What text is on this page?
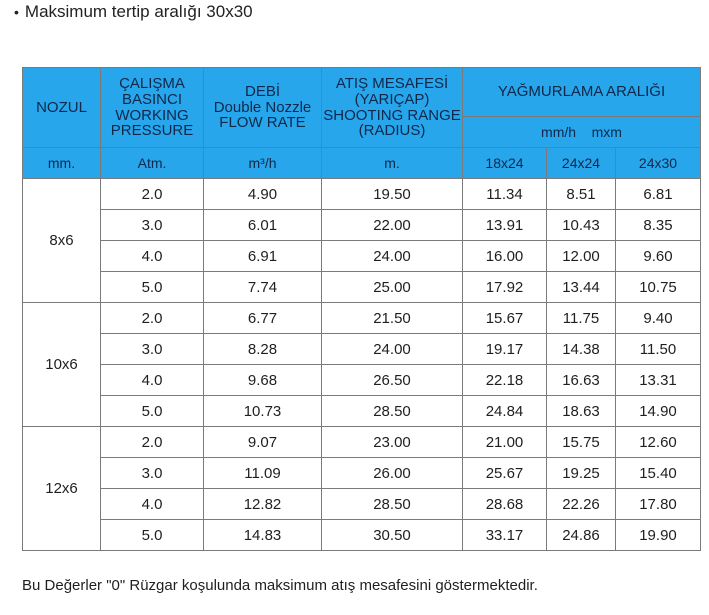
• Maksimum tertip aralığı 30x30
NOZUL	ÇALIŞMA
BASINCI
WORKING
PRESSURE	DEBİ
Double Nozzle
FLOW RATE	ATIŞ MESAFESİ
(YARIÇAP)
SHOOTING RANGE
(RADIUS)	YAĞMURLAMA ARALIĞI		
				mm/h    mxm		
mm.	Atm.	m³/h	m.	18x24	24x24	24x30
8x6	2.0	4.90	19.50	11.34	8.51	6.81
	3.0	6.01	22.00	13.91	10.43	8.35
	4.0	6.91	24.00	16.00	12.00	9.60
	5.0	7.74	25.00	17.92	13.44	10.75
10x6	2.0	6.77	21.50	15.67	11.75	9.40
	3.0	8.28	24.00	19.17	14.38	11.50
	4.0	9.68	26.50	22.18	16.63	13.31
	5.0	10.73	28.50	24.84	18.63	14.90
12x6	2.0	9.07	23.00	21.00	15.75	12.60
	3.0	11.09	26.00	25.67	19.25	15.40
	4.0	12.82	28.50	28.68	22.26	17.80
	5.0	14.83	30.50	33.17	24.86	19.90
Bu Değerler "0" Rüzgar koşulunda maksimum atış mesafesini göstermektedir.
